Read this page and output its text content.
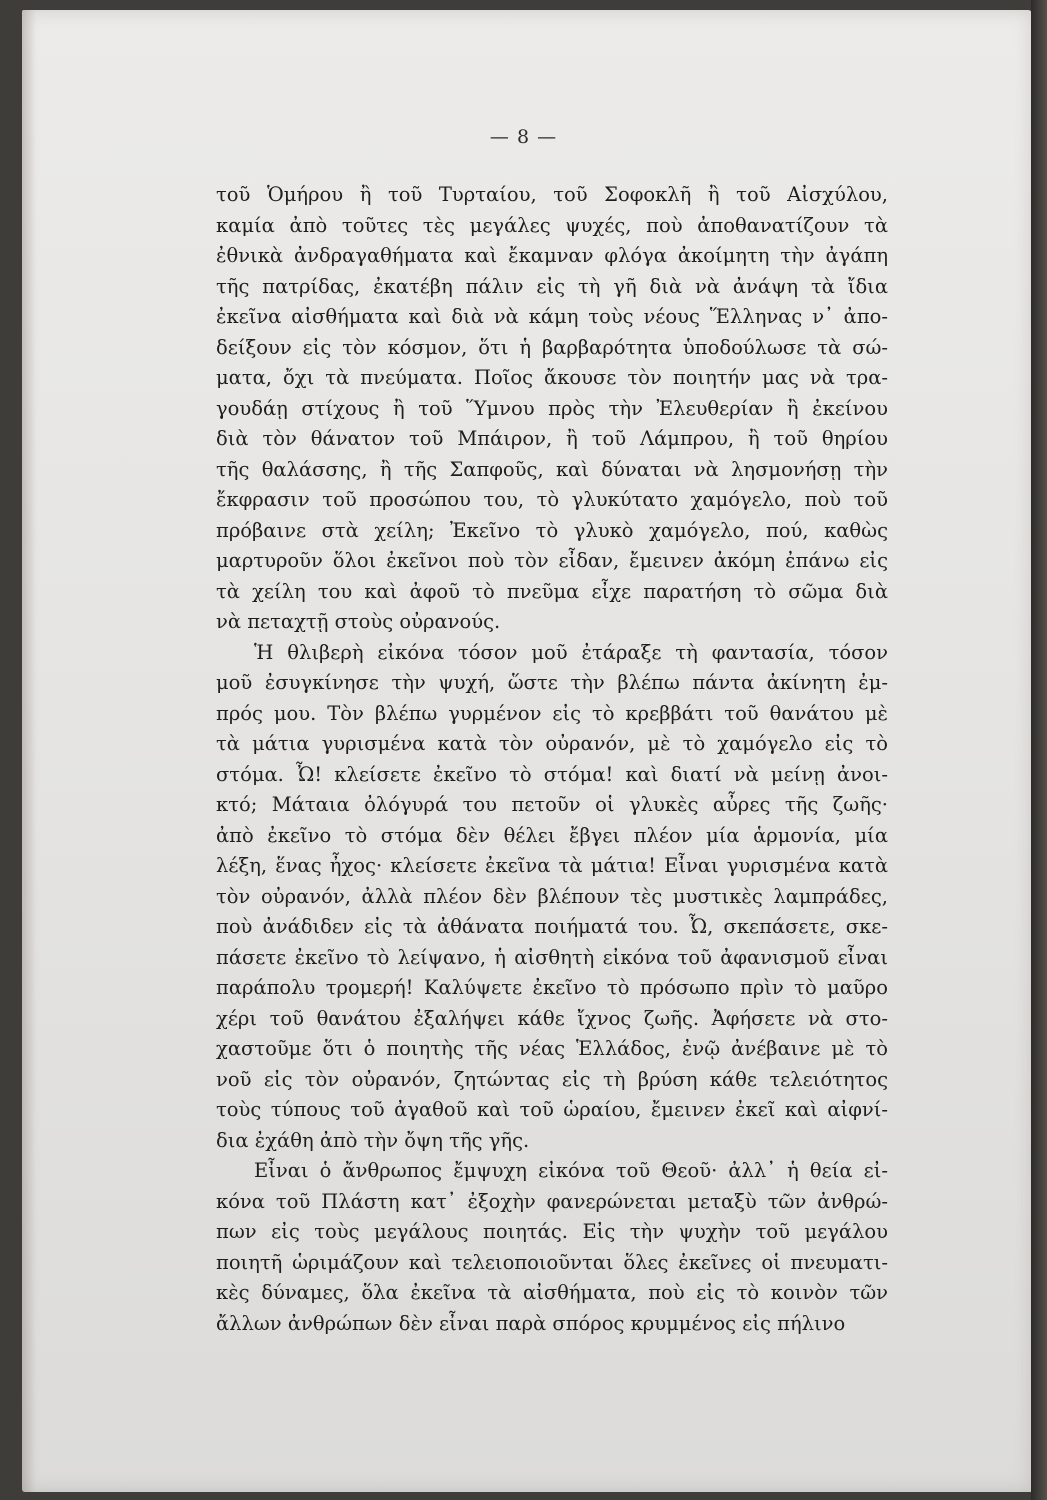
— 8 —
τοῦ Ὁμήρου ἢ τοῦ Τυρταίου, τοῦ Σοφοκλῆ ἢ τοῦ Αἰσχύλου,
καμία ἀπὸ τοῦτες τὲς μεγάλες ψυχές, ποὺ ἀποθανατίζουν τὰ
ἐθνικὰ ἀνδραγαθήματα καὶ ἔκαμναν φλόγα ἀκοίμητη τὴν ἀγάπη
τῆς πατρίδας, ἐκατέβη πάλιν εἰς τὴ γῆ διὰ νὰ ἀνάψη τὰ ἴδια
ἐκεῖνα αἰσθήματα καὶ διὰ νὰ κάμη τοὺς νέους Ἕλληνας ν᾽ ἀπο-
δείξουν εἰς τὸν κόσμον, ὅτι ἡ βαρβαρότητα ὑποδούλωσε τὰ σώ-
ματα, ὄχι τὰ πνεύματα. Ποῖος ἄκουσε τὸν ποιητήν μας νὰ τρα-
γουδάῃ στίχους ἢ τοῦ Ὕμνου πρὸς τὴν Ἐλευθερίαν ἢ ἐκείνου
διὰ τὸν θάνατον τοῦ Μπάιρον, ἢ τοῦ Λάμπρου, ἢ τοῦ θηρίου
τῆς θαλάσσης, ἢ τῆς Σαπφοῦς, καὶ δύναται νὰ λησμονήσῃ τὴν
ἔκφρασιν τοῦ προσώπου του, τὸ γλυκύτατο χαμόγελο, ποὺ τοῦ
πρόβαινε στὰ χείλη; Ἐκεῖνο τὸ γλυκὸ χαμόγελο, πού, καθὼς
μαρτυροῦν ὅλοι ἐκεῖνοι ποὺ τὸν εἶδαν, ἔμεινεν ἀκόμη ἐπάνω εἰς
τὰ χείλη του καὶ ἀφοῦ τὸ πνεῦμα εἶχε παρατήση τὸ σῶμα διὰ
νὰ πεταχτῇ στοὺς οὐρανούς.
Ἡ θλιβερὴ εἰκόνα τόσον μοῦ ἐτάραξε τὴ φαντασία, τόσον
μοῦ ἐσυγκίνησε τὴν ψυχή, ὥστε τὴν βλέπω πάντα ἀκίνητη ἐμ-
πρός μου. Τὸν βλέπω γυρμένον εἰς τὸ κρεββάτι τοῦ θανάτου μὲ
τὰ μάτια γυρισμένα κατὰ τὸν οὐρανόν, μὲ τὸ χαμόγελο εἰς τὸ
στόμα. Ὦ! κλείσετε ἐκεῖνο τὸ στόμα! καὶ διατί νὰ μείνῃ ἀνοι-
κτό; Μάταια ὀλόγυρά του πετοῦν οἱ γλυκὲς αὖρες τῆς ζωῆς·
ἀπὸ ἐκεῖνο τὸ στόμα δὲν θέλει ἔβγει πλέον μία ἁρμονία, μία
λέξη, ἕνας ἦχος· κλείσετε ἐκεῖνα τὰ μάτια! Εἶναι γυρισμένα κατὰ
τὸν οὐρανόν, ἀλλὰ πλέον δὲν βλέπουν τὲς μυστικὲς λαμπράδες,
ποὺ ἀνάδιδεν εἰς τὰ ἀθάνατα ποιήματά του. Ὦ, σκεπάσετε, σκε-
πάσετε ἐκεῖνο τὸ λείψανο, ἡ αἰσθητὴ εἰκόνα τοῦ ἀφανισμοῦ εἶναι
παράπολυ τρομερή! Καλύψετε ἐκεῖνο τὸ πρόσωπο πρὶν τὸ μαῦρο
χέρι τοῦ θανάτου ἐξαλήψει κάθε ἴχνος ζωῆς. Ἀφήσετε νὰ στο-
χαστοῦμε ὅτι ὁ ποιητὴς τῆς νέας Ἑλλάδος, ἐνῷ ἀνέβαινε μὲ τὸ
νοῦ εἰς τὸν οὐρανόν, ζητώντας εἰς τὴ βρύση κάθε τελειότητος
τοὺς τύπους τοῦ ἀγαθοῦ καὶ τοῦ ὡραίου, ἔμεινεν ἐκεῖ καὶ αἰφνί-
δια ἐχάθη ἀπὸ τὴν ὄψη τῆς γῆς.
Εἶναι ὁ ἄνθρωπος ἔμψυχη εἰκόνα τοῦ Θεοῦ· ἀλλ᾽ ἡ θεία εἰ-
κόνα τοῦ Πλάστη κατ᾽ ἐξοχὴν φανερώνεται μεταξὺ τῶν ἀνθρώ-
πων εἰς τοὺς μεγάλους ποιητάς. Εἰς τὴν ψυχὴν τοῦ μεγάλου
ποιητῆ ὡριμάζουν καὶ τελειοποιοῦνται ὅλες ἐκεῖνες οἱ πνευματι-
κὲς δύναμες, ὅλα ἐκεῖνα τὰ αἰσθήματα, ποὺ εἰς τὸ κοινὸν τῶν
ἄλλων ἀνθρώπων δὲν εἶναι παρὰ σπόρος κρυμμένος εἰς πήλινο
